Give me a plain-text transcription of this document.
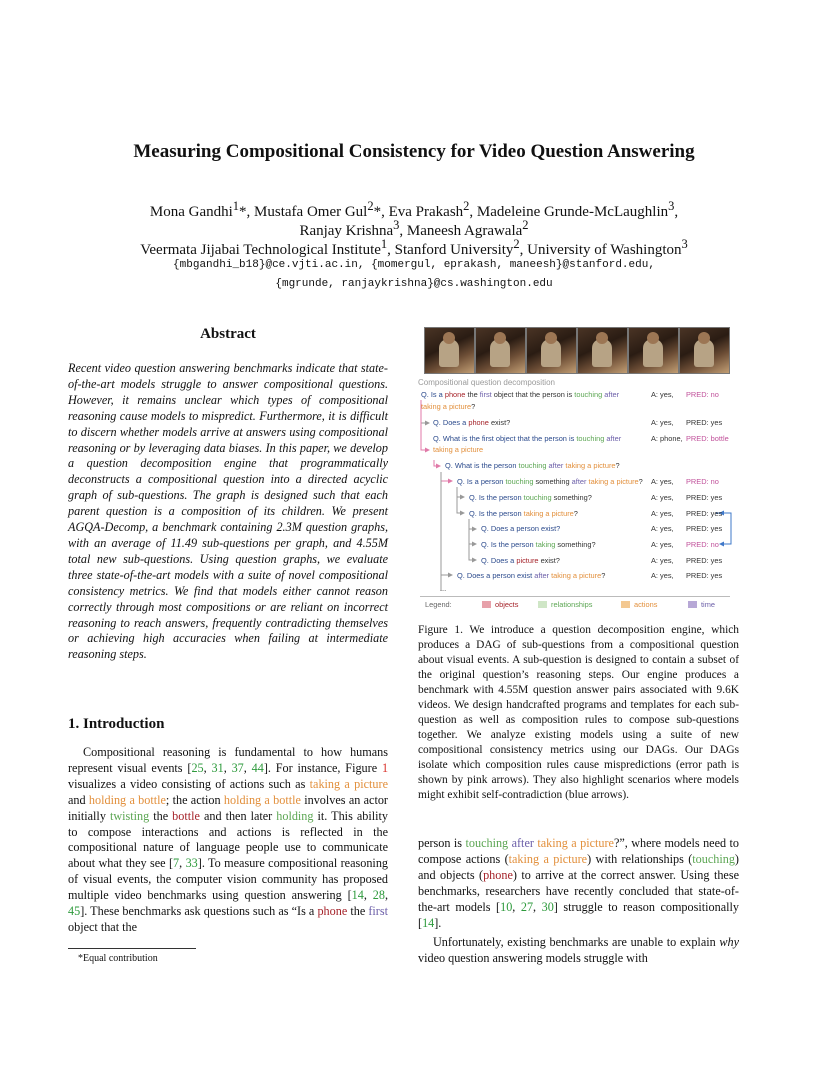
Measuring Compositional Consistency for Video Question Answering
Mona Gandhi$^1$*, Mustafa Omer Gul$^2$*, Eva Prakash$^2$, Madeleine Grunde-McLaughlin$^3$,
Ranjay Krishna$^3$, Maneesh Agrawala$^2$
Veermata Jijabai Technological Institute$^1$, Stanford University$^2$, University of Washington$^3$
{mbgandhi_b18}@ce.vjti.ac.in, {momergul, eprakash, maneesh}@stanford.edu,
{mgrunde, ranjaykrishna}@cs.washington.edu
Abstract
Recent video question answering benchmarks indicate that state-of-the-art models struggle to answer compositional questions. However, it remains unclear which types of compositional reasoning cause models to mispredict. Furthermore, it is difficult to discern whether models arrive at answers using compositional reasoning or by leveraging data biases. In this paper, we develop a question decomposition engine that programmatically deconstructs a compositional question into a directed acyclic graph of sub-questions. The graph is designed such that each parent question is a composition of its children. We present AGQA-Decomp, a benchmark containing 2.3M question graphs, with an average of 11.49 sub-questions per graph, and 4.55M total new sub-questions. Using question graphs, we evaluate three state-of-the-art models with a suite of novel compositional consistency metrics. We find that models either cannot reason correctly through most compositions or are reliant on incorrect reasoning to reach answers, frequently contradicting themselves or achieving high accuracies when failing at intermediate reasoning steps.
1. Introduction

Compositional reasoning is fundamental to how humans represent visual events [25, 31, 37, 44]. For instance, Figure 1 visualizes a video consisting of actions such as taking a picture and holding a bottle; the action holding a bottle involves an actor initially twisting the bottle and then later holding it. This ability to compose interactions and actions is reflected in the compositional nature of language people use to communicate about what they see [7, 33]. To measure compositional reasoning of visual events, the computer vision community has proposed multiple video benchmarks using question answering [14, 28, 45]. These benchmarks ask questions such as “Is a phone the first object that the

*Equal contribution
Compositional question decomposition
Q. Is a phone the first object that the person is touching after
taking a picture?
A: yes, PRED: no
Q. Does a phone exist?	A: yes, PRED: yes
Q. What is the first object that the person is touching after
taking a picture
A: phone, PRED: bottle
Q. What is the person touching after taking a picture?
Q. Is a person touching something after taking a picture? A: yes, PRED: no
Q. Is the person touching something?	A: yes, PRED: yes
Q. Is the person taking a picture?	A: yes, PRED: yes
Q. Does a person exist?	A: yes, PRED: yes
Q. Is the person taking something?	A: yes, PRED: no
Q. Does a picture exist?	A: yes, PRED: yes
Q. Does a person exist after taking a picture?	A: yes, PRED: yes
...
Legend:	objects	relationships	actions	time
Figure 1. We introduce a question decomposition engine, which produces a DAG of sub-questions from a compositional question about visual events. A sub-question is designed to contain a subset of the original question’s reasoning steps. Our engine produces a benchmark with 4.55M question answer pairs associated with 9.6K videos. We design handcrafted programs and templates for each sub-question as well as composition rules to compose sub-questions together. We analyze existing models using a suite of new compositional consistency metrics using our DAGs. Our DAGs isolate which composition rules cause mispredictions (error path is shown by pink arrows). They also highlight scenarios where models might exhibit self-contradiction (blue arrows).

person is touching after taking a picture?”, where models need to compose actions (taking a picture) with relationships (touching) and objects (phone) to arrive at the correct answer. Using these benchmarks, researchers have recently concluded that state-of-the-art models [10, 27, 30] struggle to reason compositionally [14].

Unfortunately, existing benchmarks are unable to explain why video question answering models struggle with
